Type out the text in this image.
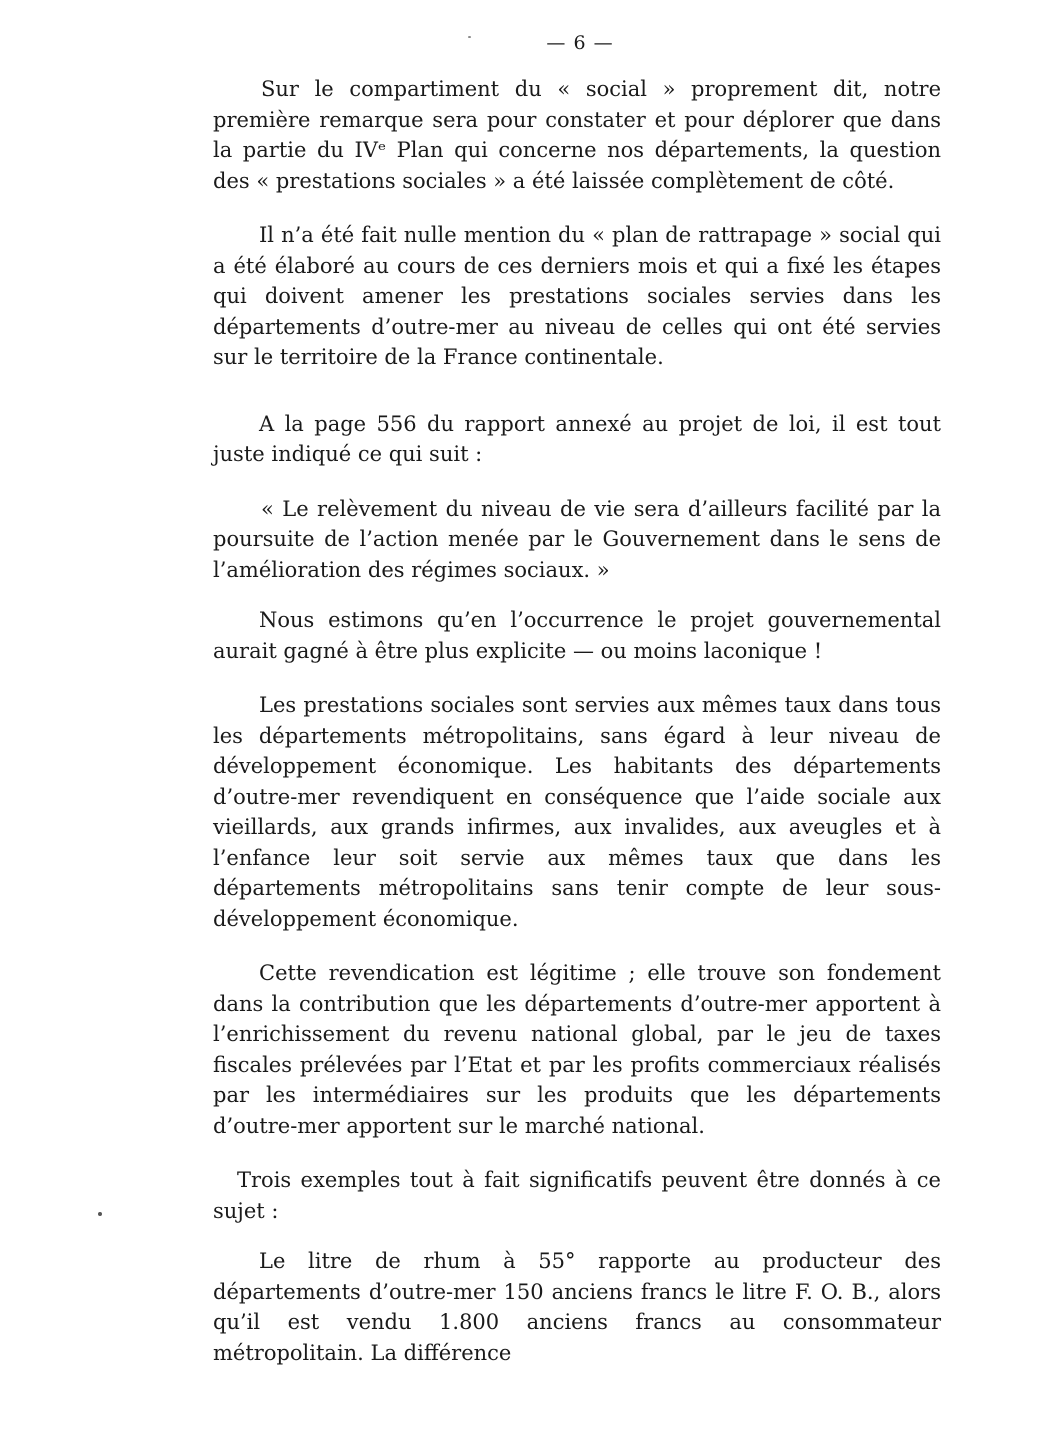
— 6 —

Sur le compartiment du « social » proprement dit, notre première remarque sera pour constater et pour déplorer que dans la partie du IVᵉ Plan qui concerne nos départements, la question des « prestations sociales » a été laissée complètement de côté.

Il n’a été fait nulle mention du « plan de rattrapage » social qui a été élaboré au cours de ces derniers mois et qui a fixé les étapes qui doivent amener les prestations sociales servies dans les départements d’outre-mer au niveau de celles qui ont été servies sur le territoire de la France continentale.

A la page 556 du rapport annexé au projet de loi, il est tout juste indiqué ce qui suit :

« Le relèvement du niveau de vie sera d’ailleurs facilité par la poursuite de l’action menée par le Gouvernement dans le sens de l’amélioration des régimes sociaux. »

Nous estimons qu’en l’occurrence le projet gouvernemental aurait gagné à être plus explicite — ou moins laconique !

Les prestations sociales sont servies aux mêmes taux dans tous les départements métropolitains, sans égard à leur niveau de développement économique. Les habitants des départements d’outre-mer revendiquent en conséquence que l’aide sociale aux vieillards, aux grands infirmes, aux invalides, aux aveugles et à l’enfance leur soit servie aux mêmes taux que dans les départements métropolitains sans tenir compte de leur sous-développement économique.

Cette revendication est légitime ; elle trouve son fondement dans la contribution que les départements d’outre-mer apportent à l’enrichissement du revenu national global, par le jeu de taxes fiscales prélevées par l’Etat et par les profits commerciaux réalisés par les intermédiaires sur les produits que les départements d’outre-mer apportent sur le marché national.

Trois exemples tout à fait significatifs peuvent être donnés à ce sujet :

Le litre de rhum à 55° rapporte au producteur des départements d’outre-mer 150 anciens francs le litre F. O. B., alors qu’il est vendu 1.800 anciens francs au consommateur métropolitain. La différence
